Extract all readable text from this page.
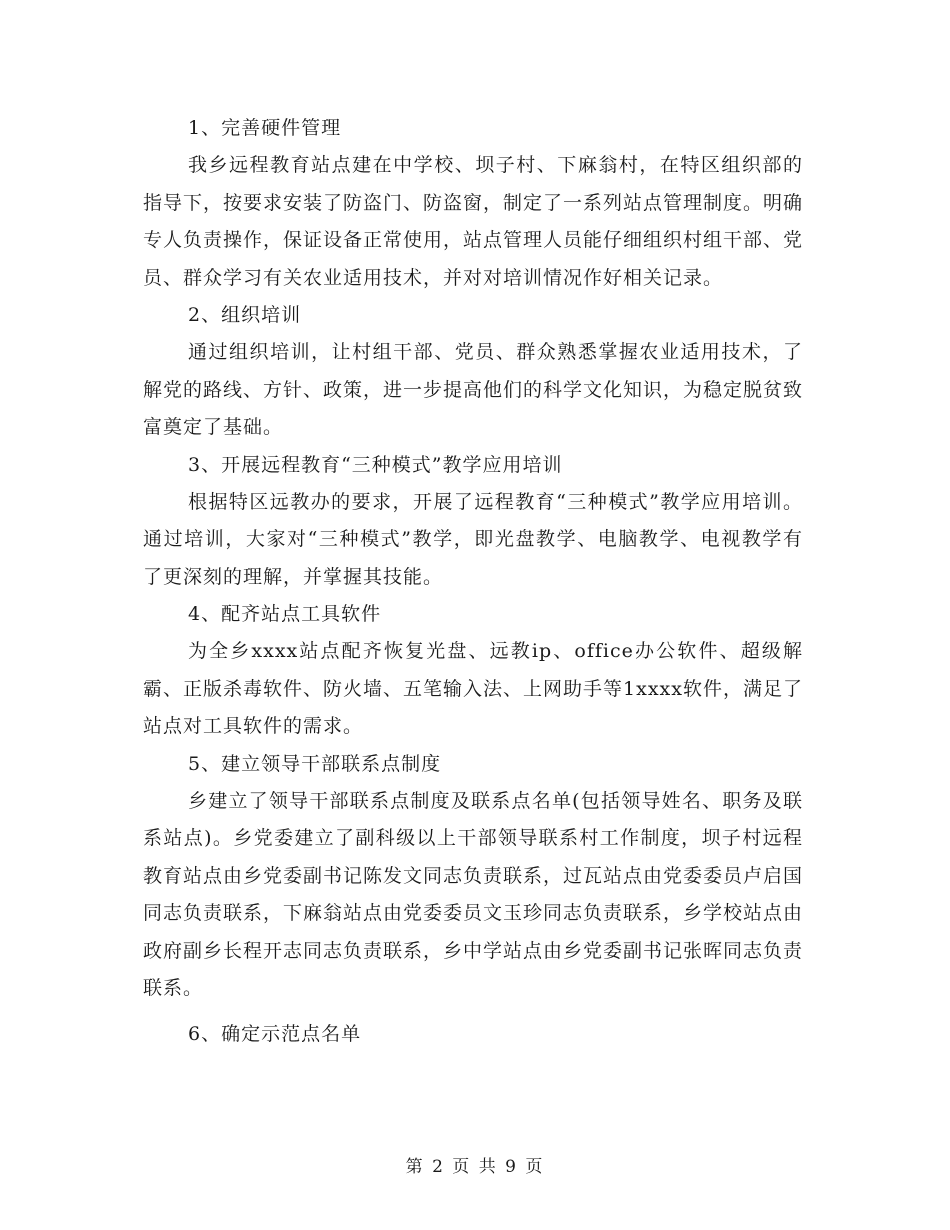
1、完善硬件管理

我乡远程教育站点建在中学校、坝子村、下麻翁村，在特区组织部的指导下，按要求安装了防盗门、防盗窗，制定了一系列站点管理制度。明确专人负责操作，保证设备正常使用，站点管理人员能仔细组织村组干部、党员、群众学习有关农业适用技术，并对对培训情况作好相关记录。

2、组织培训

通过组织培训，让村组干部、党员、群众熟悉掌握农业适用技术，了解党的路线、方针、政策，进一步提高他们的科学文化知识，为稳定脱贫致富奠定了基础。

3、开展远程教育“三种模式”教学应用培训

根据特区远教办的要求，开展了远程教育“三种模式”教学应用培训。通过培训，大家对“三种模式”教学，即光盘教学、电脑教学、电视教学有了更深刻的理解，并掌握其技能。

4、配齐站点工具软件

为全乡xxxx站点配齐恢复光盘、远教ip、office办公软件、超级解霸、正版杀毒软件、防火墙、五笔输入法、上网助手等1xxxx软件，满足了站点对工具软件的需求。

5、建立领导干部联系点制度

乡建立了领导干部联系点制度及联系点名单(包括领导姓名、职务及联系站点)。乡党委建立了副科级以上干部领导联系村工作制度，坝子村远程教育站点由乡党委副书记陈发文同志负责联系，过瓦站点由党委委员卢启国同志负责联系，下麻翁站点由党委委员文玉珍同志负责联系，乡学校站点由政府副乡长程开志同志负责联系，乡中学站点由乡党委副书记张晖同志负责联系。

6、确定示范点名单

第 2 页 共 9 页
